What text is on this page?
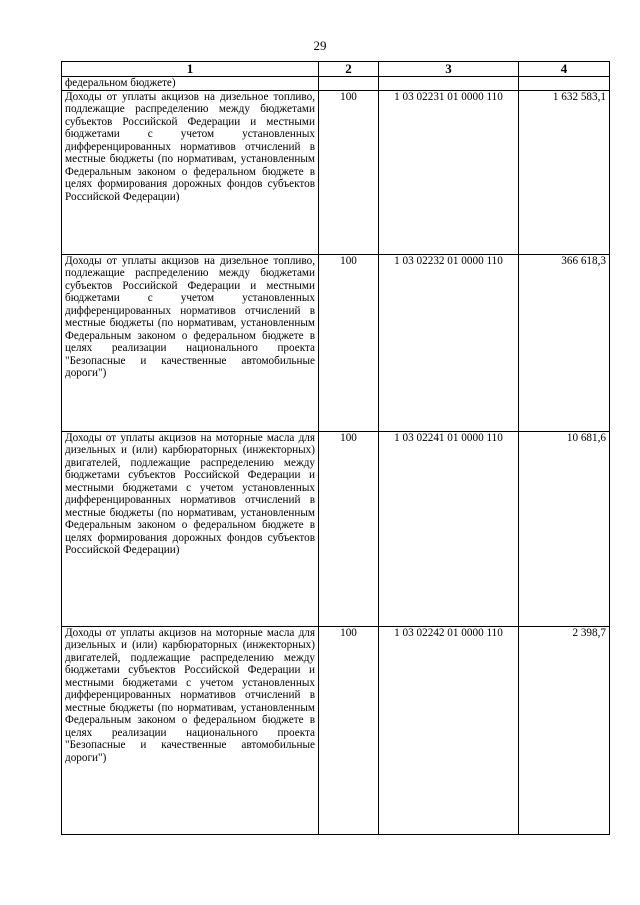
29
1	2	3	4
федеральном бюджете)			
Доходы от уплаты акцизов на дизельное топливо, подлежащие распределению между бюджетами субъектов Российской Федерации и местными бюджетами с учетом установленных дифференцированных нормативов отчислений в местные бюджеты (по нормативам, установленным Федеральным законом о федеральном бюджете в целях формирования дорожных фондов субъектов Российской Федерации)	100	1 03 02231 01 0000 110	1 632 583,1
Доходы от уплаты акцизов на дизельное топливо, подлежащие распределению между бюджетами субъектов Российской Федерации и местными бюджетами с учетом установленных дифференцированных нормативов отчислений в местные бюджеты (по нормативам, установленным Федеральным законом о федеральном бюджете в целях реализации национального проекта "Безопасные и качественные автомобильные дороги")	100	1 03 02232 01 0000 110	366 618,3
Доходы от уплаты акцизов на моторные масла для дизельных и (или) карбюраторных (инжекторных) двигателей, подлежащие распределению между бюджетами субъектов Российской Федерации и местными бюджетами с учетом установленных дифференцированных нормативов отчислений в местные бюджеты (по нормативам, установленным Федеральным законом о федеральном бюджете в целях формирования дорожных фондов субъектов Российской Федерации)	100	1 03 02241 01 0000 110	10 681,6
Доходы от уплаты акцизов на моторные масла для дизельных и (или) карбюраторных (инжекторных) двигателей, подлежащие распределению между бюджетами субъектов Российской Федерации и местными бюджетами с учетом установленных дифференцированных нормативов отчислений в местные бюджеты (по нормативам, установленным Федеральным законом о федеральном бюджете в целях реализации национального проекта "Безопасные и качественные автомобильные дороги")	100	1 03 02242 01 0000 110	2 398,7
